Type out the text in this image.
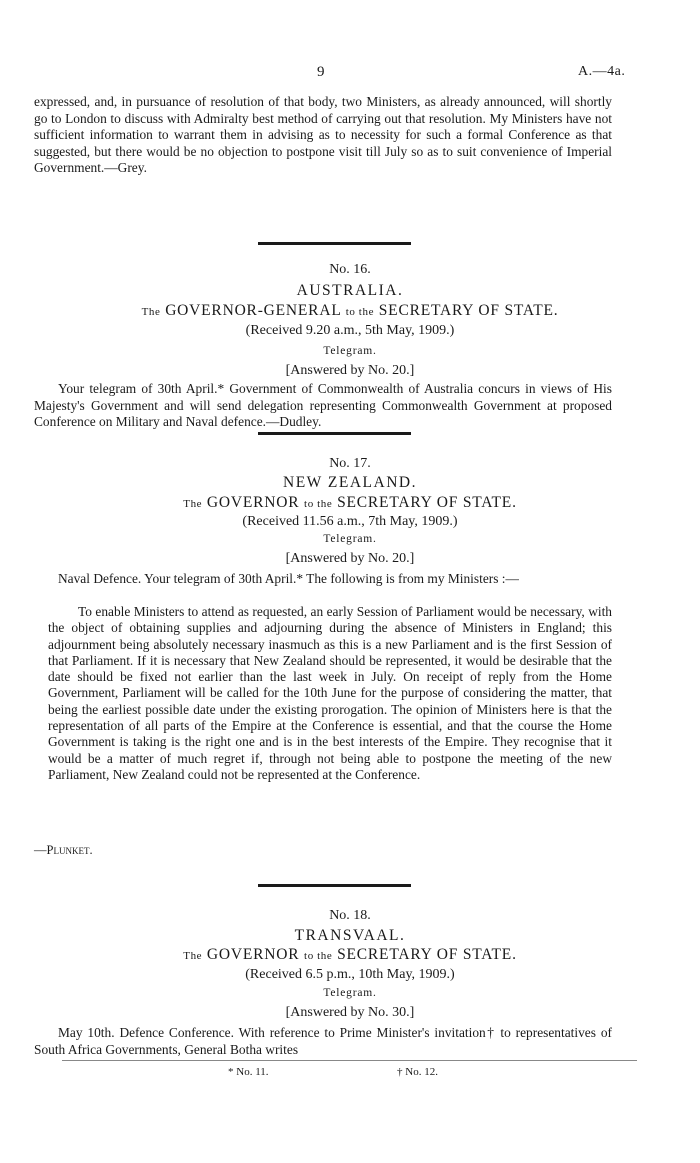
9	A.—4a.

expressed, and, in pursuance of resolution of that body, two Ministers, as already announced, will shortly go to London to discuss with Admiralty best method of carrying out that resolution. My Ministers have not sufficient information to warrant them in advising as to necessity for such a formal Conference as that suggested, but there would be no objection to postpone visit till July so as to suit convenience of Imperial Government.—Grey.

No. 16.
AUSTRALIA.
The GOVERNOR-GENERAL to the SECRETARY OF STATE.
(Received 9.20 a.m., 5th May, 1909.)
Telegram.
[Answered by No. 20.]

Your telegram of 30th April.* Government of Commonwealth of Australia concurs in views of His Majesty's Government and will send delegation representing Commonwealth Government at proposed Conference on Military and Naval defence.—Dudley.

No. 17.
NEW ZEALAND.
The GOVERNOR to the SECRETARY OF STATE.
(Received 11.56 a.m., 7th May, 1909.)
Telegram.
[Answered by No. 20.]

Naval Defence. Your telegram of 30th April.* The following is from my Ministers :—

To enable Ministers to attend as requested, an early Session of Parliament would be necessary, with the object of obtaining supplies and adjourning during the absence of Ministers in England; this adjournment being absolutely necessary inasmuch as this is a new Parliament and is the first Session of that Parliament. If it is necessary that New Zealand should be represented, it would be desirable that the date should be fixed not earlier than the last week in July. On receipt of reply from the Home Government, Parliament will be called for the 10th June for the purpose of considering the matter, that being the earliest possible date under the existing prorogation. The opinion of Ministers here is that the representation of all parts of the Empire at the Conference is essential, and that the course the Home Government is taking is the right one and is in the best interests of the Empire. They recognise that it would be a matter of much regret if, through not being able to postpone the meeting of the new Parliament, New Zealand could not be represented at the Conference.

—Plunket.
No. 18.
TRANSVAAL.
The GOVERNOR to the SECRETARY OF STATE.
(Received 6.5 p.m., 10th May, 1909.)
Telegram.
[Answered by No. 30.]

May 10th. Defence Conference. With reference to Prime Minister's invitation† to representatives of South Africa Governments, General Botha writes

* No. 11.	† No. 12.
